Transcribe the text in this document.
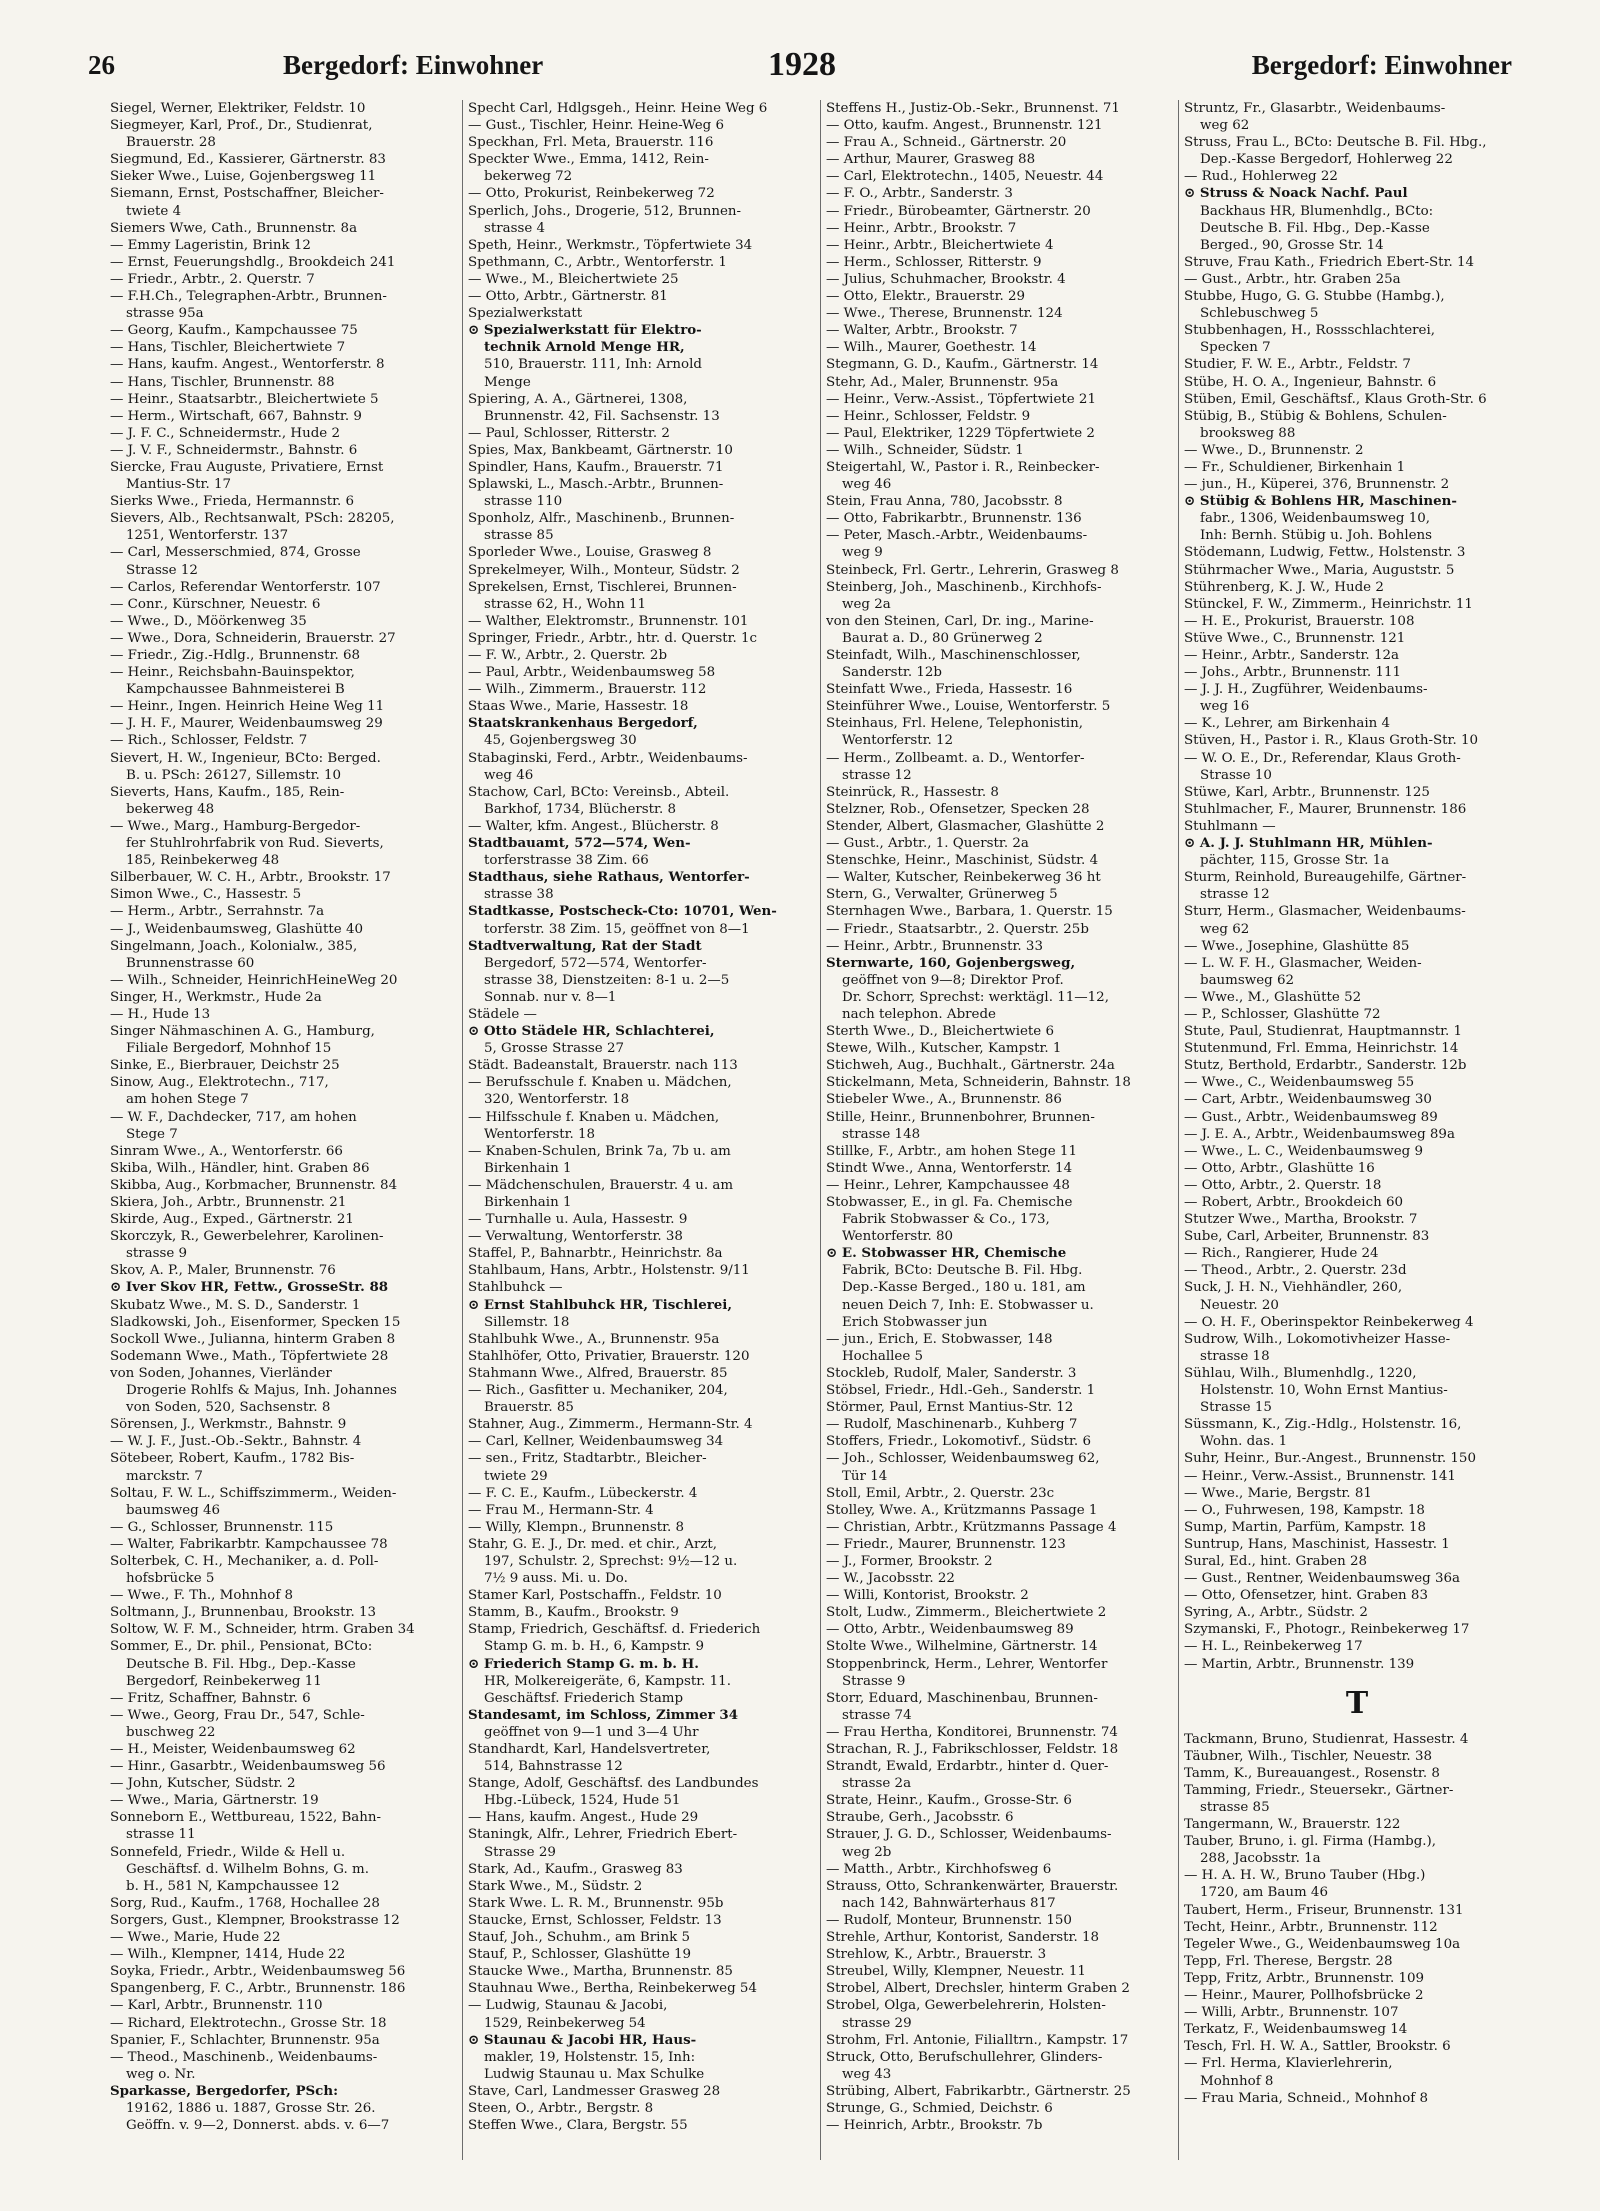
26	Bergedorf: Einwohner	1928	Bergedorf: Einwohner
Siegel, Werner, Elektriker, Feldstr. 10
Siegmeyer, Karl, Prof., Dr., Studienrat,
Brauerstr. 28
Siegmund, Ed., Kassierer, Gärtnerstr. 83
Sieker Wwe., Luise, Gojenbergsweg 11
Siemann, Ernst, Postschaffner, Bleicher-
twiete 4
Siemers Wwe, Cath., Brunnenstr. 8a
— Emmy Lageristin, Brink 12
— Ernst, Feuerungshdlg., Brookdeich 241
— Friedr., Arbtr., 2. Querstr. 7
— F.H.Ch., Telegraphen-Arbtr., Brunnen-
strasse 95a
— Georg, Kaufm., Kampchaussee 75
— Hans, Tischler, Bleichertwiete 7
— Hans, kaufm. Angest., Wentorferstr. 8
— Hans, Tischler, Brunnenstr. 88
— Heinr., Staatsarbtr., Bleichertwiete 5
— Herm., Wirtschaft, 667, Bahnstr. 9
— J. F. C., Schneidermstr., Hude 2
— J. V. F., Schneidermstr., Bahnstr. 6
Siercke, Frau Auguste, Privatiere, Ernst
Mantius-Str. 17
Sierks Wwe., Frieda, Hermannstr. 6
Sievers, Alb., Rechtsanwalt, PSch: 28205,
1251, Wentorferstr. 137
— Carl, Messerschmied, 874, Grosse
Strasse 12
— Carlos, Referendar Wentorferstr. 107
— Conr., Kürschner, Neuestr. 6
— Wwe., D., Möörkenweg 35
— Wwe., Dora, Schneiderin, Brauerstr. 27
— Friedr., Zig.-Hdlg., Brunnenstr. 68
— Heinr., Reichsbahn-Bauinspektor,
Kampchaussee Bahnmeisterei B
— Heinr., Ingen. Heinrich Heine Weg 11
— J. H. F., Maurer, Weidenbaumsweg 29
— Rich., Schlosser, Feldstr. 7
Sievert, H. W., Ingenieur, BCto: Berged.
B. u. PSch: 26127, Sillemstr. 10
Sieverts, Hans, Kaufm., 185, Rein-
bekerweg 48
— Wwe., Marg., Hamburg-Bergedor-
fer Stuhlrohrfabrik von Rud. Sieverts,
185, Reinbekerweg 48
Silberbauer, W. C. H., Arbtr., Brookstr. 17
Simon Wwe., C., Hassestr. 5
— Herm., Arbtr., Serrahnstr. 7a
— J., Weidenbaumsweg, Glashütte 40
Singelmann, Joach., Kolonialw., 385,
Brunnenstrasse 60
— Wilh., Schneider, HeinrichHeineWeg 20
Singer, H., Werkmstr., Hude 2a
— H., Hude 13
Singer Nähmaschinen A. G., Hamburg,
Filiale Bergedorf, Mohnhof 15
Sinke, E., Bierbrauer, Deichstr 25
Sinow, Aug., Elektrotechn., 717,
am hohen Stege 7
— W. F., Dachdecker, 717, am hohen
Stege 7
Sinram Wwe., A., Wentorferstr. 66
Skiba, Wilh., Händler, hint. Graben 86
Skibba, Aug., Korbmacher, Brunnenstr. 84
Skiera, Joh., Arbtr., Brunnenstr. 21
Skirde, Aug., Exped., Gärtnerstr. 21
Skorczyk, R., Gewerbelehrer, Karolinen-
strasse 9
Skov, A. P., Maler, Brunnenstr. 76
⊙ Iver Skov HR, Fettw., GrosseStr. 88
Skubatz Wwe., M. S. D., Sanderstr. 1
Sladkowski, Joh., Eisenformer, Specken 15
Sockoll Wwe., Julianna, hinterm Graben 8
Sodemann Wwe., Math., Töpfertwiete 28
von Soden, Johannes, Vierländer
Drogerie Rohlfs & Majus, Inh. Johannes
von Soden, 520, Sachsenstr. 8
Sörensen, J., Werkmstr., Bahnstr. 9
— W. J. F., Just.-Ob.-Sektr., Bahnstr. 4
Sötebeer, Robert, Kaufm., 1782 Bis-
marckstr. 7
Soltau, F. W. L., Schiffszimmerm., Weiden-
baumsweg 46
— G., Schlosser, Brunnenstr. 115
— Walter, Fabrikarbtr. Kampchaussee 78
Solterbek, C. H., Mechaniker, a. d. Poll-
hofsbrücke 5
— Wwe., F. Th., Mohnhof 8
Soltmann, J., Brunnenbau, Brookstr. 13
Soltow, W. F. M., Schneider, htrm. Graben 34
Sommer, E., Dr. phil., Pensionat, BCto:
Deutsche B. Fil. Hbg., Dep.-Kasse
Bergedorf, Reinbekerweg 11
— Fritz, Schaffner, Bahnstr. 6
— Wwe., Georg, Frau Dr., 547, Schle-
buschweg 22
— H., Meister, Weidenbaumsweg 62
— Hinr., Gasarbtr., Weidenbaumsweg 56
— John, Kutscher, Südstr. 2
— Wwe., Maria, Gärtnerstr. 19
Sonneborn E., Wettbureau, 1522, Bahn-
strasse 11
Sonnefeld, Friedr., Wilde & Hell u.
Geschäftsf. d. Wilhelm Bohns, G. m.
b. H., 581 N, Kampchaussee 12
Sorg, Rud., Kaufm., 1768, Hochallee 28
Sorgers, Gust., Klempner, Brookstrasse 12
— Wwe., Marie, Hude 22
— Wilh., Klempner, 1414, Hude 22
Soyka, Friedr., Arbtr., Weidenbaumsweg 56
Spangenberg, F. C., Arbtr., Brunnenstr. 186
— Karl, Arbtr., Brunnenstr. 110
— Richard, Elektrotechn., Grosse Str. 18
Spanier, F., Schlachter, Brunnenstr. 95a
— Theod., Maschinenb., Weidenbaums-
weg o. Nr.
Sparkasse, Bergedorfer, PSch:
19162, 1886 u. 1887, Grosse Str. 26.
Geöffn. v. 9—2, Donnerst. abds. v. 6—7
Specht Carl, Hdlgsgeh., Heinr. Heine Weg 6
— Gust., Tischler, Heinr. Heine-Weg 6
Speckhan, Frl. Meta, Brauerstr. 116
Speckter Wwe., Emma, 1412, Rein-
bekerweg 72
— Otto, Prokurist, Reinbekerweg 72
Sperlich, Johs., Drogerie, 512, Brunnen-
strasse 4
Speth, Heinr., Werkmstr., Töpfertwiete 34
Spethmann, C., Arbtr., Wentorferstr. 1
— Wwe., M., Bleichertwiete 25
— Otto, Arbtr., Gärtnerstr. 81
Spezialwerkstatt
⊙ Spezialwerkstatt für Elektro-
technik Arnold Menge HR,
510, Brauerstr. 111, Inh: Arnold
Menge
Spiering, A. A., Gärtnerei, 1308,
Brunnenstr. 42, Fil. Sachsenstr. 13
— Paul, Schlosser, Ritterstr. 2
Spies, Max, Bankbeamt, Gärtnerstr. 10
Spindler, Hans, Kaufm., Brauerstr. 71
Splawski, L., Masch.-Arbtr., Brunnen-
strasse 110
Sponholz, Alfr., Maschinenb., Brunnen-
strasse 85
Sporleder Wwe., Louise, Grasweg 8
Sprekelmeyer, Wilh., Monteur, Südstr. 2
Sprekelsen, Ernst, Tischlerei, Brunnen-
strasse 62, H., Wohn 11
— Walther, Elektromstr., Brunnenstr. 101
Springer, Friedr., Arbtr., htr. d. Querstr. 1c
— F. W., Arbtr., 2. Querstr. 2b
— Paul, Arbtr., Weidenbaumsweg 58
— Wilh., Zimmerm., Brauerstr. 112
Staas Wwe., Marie, Hassestr. 18
Staatskrankenhaus Bergedorf,
45, Gojenbergsweg 30
Stabaginski, Ferd., Arbtr., Weidenbaums-
weg 46
Stachow, Carl, BCto: Vereinsb., Abteil.
Barkhof, 1734, Blücherstr. 8
— Walter, kfm. Angest., Blücherstr. 8
Stadtbauamt, 572—574, Wen-
torferstrasse 38 Zim. 66
Stadthaus, siehe Rathaus, Wentorfer-
strasse 38
Stadtkasse, Postscheck-Cto: 10701, Wen-
torferstr. 38 Zim. 15, geöffnet von 8—1
Stadtverwaltung, Rat der Stadt
Bergedorf, 572—574, Wentorfer-
strasse 38, Dienstzeiten: 8-1 u. 2—5
Sonnab. nur v. 8—1
Städele —
⊙ Otto Städele HR, Schlachterei,
5, Grosse Strasse 27
Städt. Badeanstalt, Brauerstr. nach 113
— Berufsschule f. Knaben u. Mädchen,
320, Wentorferstr. 18
— Hilfsschule f. Knaben u. Mädchen,
Wentorferstr. 18
— Knaben-Schulen, Brink 7a, 7b u. am
Birkenhain 1
— Mädchenschulen, Brauerstr. 4 u. am
Birkenhain 1
— Turnhalle u. Aula, Hassestr. 9
— Verwaltung, Wentorferstr. 38
Staffel, P., Bahnarbtr., Heinrichstr. 8a
Stahlbaum, Hans, Arbtr., Holstenstr. 9/11
Stahlbuhck —
⊙ Ernst Stahlbuhck HR, Tischlerei,
Sillemstr. 18
Stahlbuhk Wwe., A., Brunnenstr. 95a
Stahlhöfer, Otto, Privatier, Brauerstr. 120
Stahmann Wwe., Alfred, Brauerstr. 85
— Rich., Gasfitter u. Mechaniker, 204,
Brauerstr. 85
Stahner, Aug., Zimmerm., Hermann-Str. 4
— Carl, Kellner, Weidenbaumsweg 34
— sen., Fritz, Stadtarbtr., Bleicher-
twiete 29
— F. C. E., Kaufm., Lübeckerstr. 4
— Frau M., Hermann-Str. 4
— Willy, Klempn., Brunnenstr. 8
Stahr, G. E. J., Dr. med. et chir., Arzt,
197, Schulstr. 2, Sprechst: 9½—12 u.
7½ 9 auss. Mi. u. Do.
Stamer Karl, Postschaffn., Feldstr. 10
Stamm, B., Kaufm., Brookstr. 9
Stamp, Friedrich, Geschäftsf. d. Friederich
Stamp G. m. b. H., 6, Kampstr. 9
⊙ Friederich Stamp G. m. b. H.
HR, Molkereigeräte, 6, Kampstr. 11.
Geschäftsf. Friederich Stamp
Standesamt, im Schloss, Zimmer 34
geöffnet von 9—1 und 3—4 Uhr
Standhardt, Karl, Handelsvertreter,
514, Bahnstrasse 12
Stange, Adolf, Geschäftsf. des Landbundes
Hbg.-Lübeck, 1524, Hude 51
— Hans, kaufm. Angest., Hude 29
Staningk, Alfr., Lehrer, Friedrich Ebert-
Strasse 29
Stark, Ad., Kaufm., Grasweg 83
Stark Wwe., M., Südstr. 2
Stark Wwe. L. R. M., Brunnenstr. 95b
Staucke, Ernst, Schlosser, Feldstr. 13
Stauf, Joh., Schuhm., am Brink 5
Stauf, P., Schlosser, Glashütte 19
Staucke Wwe., Martha, Brunnenstr. 85
Stauhnau Wwe., Bertha, Reinbekerweg 54
— Ludwig, Staunau & Jacobi,
1529, Reinbekerweg 54
⊙ Staunau & Jacobi HR, Haus-
makler, 19, Holstenstr. 15, Inh:
Ludwig Staunau u. Max Schulke
Stave, Carl, Landmesser Grasweg 28
Steen, O., Arbtr., Bergstr. 8
Steffen Wwe., Clara, Bergstr. 55
Steffens H., Justiz-Ob.-Sekr., Brunnenst. 71
— Otto, kaufm. Angest., Brunnenstr. 121
— Frau A., Schneid., Gärtnerstr. 20
— Arthur, Maurer, Grasweg 88
— Carl, Elektrotechn., 1405, Neuestr. 44
— F. O., Arbtr., Sanderstr. 3
— Friedr., Bürobeamter, Gärtnerstr. 20
— Heinr., Arbtr., Brookstr. 7
— Heinr., Arbtr., Bleichertwiete 4
— Herm., Schlosser, Ritterstr. 9
— Julius, Schuhmacher, Brookstr. 4
— Otto, Elektr., Brauerstr. 29
— Wwe., Therese, Brunnenstr. 124
— Walter, Arbtr., Brookstr. 7
— Wilh., Maurer, Goethestr. 14
Stegmann, G. D., Kaufm., Gärtnerstr. 14
Stehr, Ad., Maler, Brunnenstr. 95a
— Heinr., Verw.-Assist., Töpfertwiete 21
— Heinr., Schlosser, Feldstr. 9
— Paul, Elektriker, 1229 Töpfertwiete 2
— Wilh., Schneider, Südstr. 1
Steigertahl, W., Pastor i. R., Reinbecker-
weg 46
Stein, Frau Anna, 780, Jacobsstr. 8
— Otto, Fabrikarbtr., Brunnenstr. 136
— Peter, Masch.-Arbtr., Weidenbaums-
weg 9
Steinbeck, Frl. Gertr., Lehrerin, Grasweg 8
Steinberg, Joh., Maschinenb., Kirchhofs-
weg 2a
von den Steinen, Carl, Dr. ing., Marine-
Baurat a. D., 80 Grünerweg 2
Steinfadt, Wilh., Maschinenschlosser,
Sanderstr. 12b
Steinfatt Wwe., Frieda, Hassestr. 16
Steinführer Wwe., Louise, Wentorferstr. 5
Steinhaus, Frl. Helene, Telephonistin,
Wentorferstr. 12
— Herm., Zollbeamt. a. D., Wentorfer-
strasse 12
Steinrück, R., Hassestr. 8
Stelzner, Rob., Ofensetzer, Specken 28
Stender, Albert, Glasmacher, Glashütte 2
— Gust., Arbtr., 1. Querstr. 2a
Stenschke, Heinr., Maschinist, Südstr. 4
— Walter, Kutscher, Reinbekerweg 36 ht
Stern, G., Verwalter, Grünerweg 5
Sternhagen Wwe., Barbara, 1. Querstr. 15
— Friedr., Staatsarbtr., 2. Querstr. 25b
— Heinr., Arbtr., Brunnenstr. 33
Sternwarte, 160, Gojenbergsweg,
geöffnet von 9—8; Direktor Prof.
Dr. Schorr, Sprechst: werktägl. 11—12,
nach telephon. Abrede
Sterth Wwe., D., Bleichertwiete 6
Stewe, Wilh., Kutscher, Kampstr. 1
Stichweh, Aug., Buchhalt., Gärtnerstr. 24a
Stickelmann, Meta, Schneiderin, Bahnstr. 18
Stiebeler Wwe., A., Brunnenstr. 86
Stille, Heinr., Brunnenbohrer, Brunnen-
strasse 148
Stillke, F., Arbtr., am hohen Stege 11
Stindt Wwe., Anna, Wentorferstr. 14
— Heinr., Lehrer, Kampchaussee 48
Stobwasser, E., in gl. Fa. Chemische
Fabrik Stobwasser & Co., 173,
Wentorferstr. 80
⊙ E. Stobwasser HR, Chemische
Fabrik, BCto: Deutsche B. Fil. Hbg.
Dep.-Kasse Berged., 180 u. 181, am
neuen Deich 7, Inh: E. Stobwasser u.
Erich Stobwasser jun
— jun., Erich, E. Stobwasser, 148
Hochallee 5
Stockleb, Rudolf, Maler, Sanderstr. 3
Stöbsel, Friedr., Hdl.-Geh., Sanderstr. 1
Störmer, Paul, Ernst Mantius-Str. 12
— Rudolf, Maschinenarb., Kuhberg 7
Stoffers, Friedr., Lokomotivf., Südstr. 6
— Joh., Schlosser, Weidenbaumsweg 62,
Tür 14
Stoll, Emil, Arbtr., 2. Querstr. 23c
Stolley, Wwe. A., Krützmanns Passage 1
— Christian, Arbtr., Krützmanns Passage 4
— Friedr., Maurer, Brunnenstr. 123
— J., Former, Brookstr. 2
— W., Jacobsstr. 22
— Willi, Kontorist, Brookstr. 2
Stolt, Ludw., Zimmerm., Bleichertwiete 2
— Otto, Arbtr., Weidenbaumsweg 89
Stolte Wwe., Wilhelmine, Gärtnerstr. 14
Stoppenbrinck, Herm., Lehrer, Wentorfer
Strasse 9
Storr, Eduard, Maschinenbau, Brunnen-
strasse 74
— Frau Hertha, Konditorei, Brunnenstr. 74
Strachan, R. J., Fabrikschlosser, Feldstr. 18
Strandt, Ewald, Erdarbtr., hinter d. Quer-
strasse 2a
Strate, Heinr., Kaufm., Grosse-Str. 6
Straube, Gerh., Jacobsstr. 6
Strauer, J. G. D., Schlosser, Weidenbaums-
weg 2b
— Matth., Arbtr., Kirchhofsweg 6
Strauss, Otto, Schrankenwärter, Brauerstr.
nach 142, Bahnwärterhaus 817
— Rudolf, Monteur, Brunnenstr. 150
Strehle, Arthur, Kontorist, Sanderstr. 18
Strehlow, K., Arbtr., Brauerstr. 3
Streubel, Willy, Klempner, Neuestr. 11
Strobel, Albert, Drechsler, hinterm Graben 2
Strobel, Olga, Gewerbelehrerin, Holsten-
strasse 29
Strohm, Frl. Antonie, Filialltrn., Kampstr. 17
Struck, Otto, Berufschullehrer, Glinders-
weg 43
Strübing, Albert, Fabrikarbtr., Gärtnerstr. 25
Strunge, G., Schmied, Deichstr. 6
— Heinrich, Arbtr., Brookstr. 7b
Struntz, Fr., Glasarbtr., Weidenbaums-
weg 62
Struss, Frau L., BCto: Deutsche B. Fil. Hbg.,
Dep.-Kasse Bergedorf, Hohlerweg 22
— Rud., Hohlerweg 22
⊙ Struss & Noack Nachf. Paul
Backhaus HR, Blumenhdlg., BCto:
Deutsche B. Fil. Hbg., Dep.-Kasse
Berged., 90, Grosse Str. 14
Struve, Frau Kath., Friedrich Ebert-Str. 14
— Gust., Arbtr., htr. Graben 25a
Stubbe, Hugo, G. G. Stubbe (Hambg.),
Schlebuschweg 5
Stubbenhagen, H., Rossschlachterei,
Specken 7
Studier, F. W. E., Arbtr., Feldstr. 7
Stübe, H. O. A., Ingenieur, Bahnstr. 6
Stüben, Emil, Geschäftsf., Klaus Groth-Str. 6
Stübig, B., Stübig & Bohlens, Schulen-
brooksweg 88
— Wwe., D., Brunnenstr. 2
— Fr., Schuldiener, Birkenhain 1
— jun., H., Küperei, 376, Brunnenstr. 2
⊙ Stübig & Bohlens HR, Maschinen-
fabr., 1306, Weidenbaumsweg 10,
Inh: Bernh. Stübig u. Joh. Bohlens
Stödemann, Ludwig, Fettw., Holstenstr. 3
Stührmacher Wwe., Maria, Auguststr. 5
Stührenberg, K. J. W., Hude 2
Stünckel, F. W., Zimmerm., Heinrichstr. 11
— H. E., Prokurist, Brauerstr. 108
Stüve Wwe., C., Brunnenstr. 121
— Heinr., Arbtr., Sanderstr. 12a
— Johs., Arbtr., Brunnenstr. 111
— J. J. H., Zugführer, Weidenbaums-
weg 16
— K., Lehrer, am Birkenhain 4
Stüven, H., Pastor i. R., Klaus Groth-Str. 10
— W. O. E., Dr., Referendar, Klaus Groth-
Strasse 10
Stüwe, Karl, Arbtr., Brunnenstr. 125
Stuhlmacher, F., Maurer, Brunnenstr. 186
Stuhlmann —
⊙ A. J. J. Stuhlmann HR, Mühlen-
pächter, 115, Grosse Str. 1a
Sturm, Reinhold, Bureaugehilfe, Gärtner-
strasse 12
Sturr, Herm., Glasmacher, Weidenbaums-
weg 62
— Wwe., Josephine, Glashütte 85
— L. W. F. H., Glasmacher, Weiden-
baumsweg 62
— Wwe., M., Glashütte 52
— P., Schlosser, Glashütte 72
Stute, Paul, Studienrat, Hauptmannstr. 1
Stutenmund, Frl. Emma, Heinrichstr. 14
Stutz, Berthold, Erdarbtr., Sanderstr. 12b
— Wwe., C., Weidenbaumsweg 55
— Cart, Arbtr., Weidenbaumsweg 30
— Gust., Arbtr., Weidenbaumsweg 89
— J. E. A., Arbtr., Weidenbaumsweg 89a
— Wwe., L. C., Weidenbaumsweg 9
— Otto, Arbtr., Glashütte 16
— Otto, Arbtr., 2. Querstr. 18
— Robert, Arbtr., Brookdeich 60
Stutzer Wwe., Martha, Brookstr. 7
Sube, Carl, Arbeiter, Brunnenstr. 83
— Rich., Rangierer, Hude 24
— Theod., Arbtr., 2. Querstr. 23d
Suck, J. H. N., Viehhändler, 260,
Neuestr. 20
— O. H. F., Oberinspektor Reinbekerweg 4
Sudrow, Wilh., Lokomotivheizer Hasse-
strasse 18
Sühlau, Wilh., Blumenhdlg., 1220,
Holstenstr. 10, Wohn Ernst Mantius-
Strasse 15
Süssmann, K., Zig.-Hdlg., Holstenstr. 16,
Wohn. das. 1
Suhr, Heinr., Bur.-Angest., Brunnenstr. 150
— Heinr., Verw.-Assist., Brunnenstr. 141
— Wwe., Marie, Bergstr. 81
— O., Fuhrwesen, 198, Kampstr. 18
Sump, Martin, Parfüm, Kampstr. 18
Suntrup, Hans, Maschinist, Hassestr. 1
Sural, Ed., hint. Graben 28
— Gust., Rentner, Weidenbaumsweg 36a
— Otto, Ofensetzer, hint. Graben 83
Syring, A., Arbtr., Südstr. 2
Szymanski, F., Photogr., Reinbekerweg 17
— H. L., Reinbekerweg 17
— Martin, Arbtr., Brunnenstr. 139
T
Tackmann, Bruno, Studienrat, Hassestr. 4
Täubner, Wilh., Tischler, Neuestr. 38
Tamm, K., Bureauangest., Rosenstr. 8
Tamming, Friedr., Steuersekr., Gärtner-
strasse 85
Tangermann, W., Brauerstr. 122
Tauber, Bruno, i. gl. Firma (Hambg.),
288, Jacobsstr. 1a
— H. A. H. W., Bruno Tauber (Hbg.)
1720, am Baum 46
Taubert, Herm., Friseur, Brunnenstr. 131
Techt, Heinr., Arbtr., Brunnenstr. 112
Tegeler Wwe., G., Weidenbaumsweg 10a
Tepp, Frl. Therese, Bergstr. 28
Tepp, Fritz, Arbtr., Brunnenstr. 109
— Heinr., Maurer, Pollhofsbrücke 2
— Willi, Arbtr., Brunnenstr. 107
Terkatz, F., Weidenbaumsweg 14
Tesch, Frl. H. W. A., Sattler, Brookstr. 6
— Frl. Herma, Klavierlehrerin,
Mohnhof 8
— Frau Maria, Schneid., Mohnhof 8
